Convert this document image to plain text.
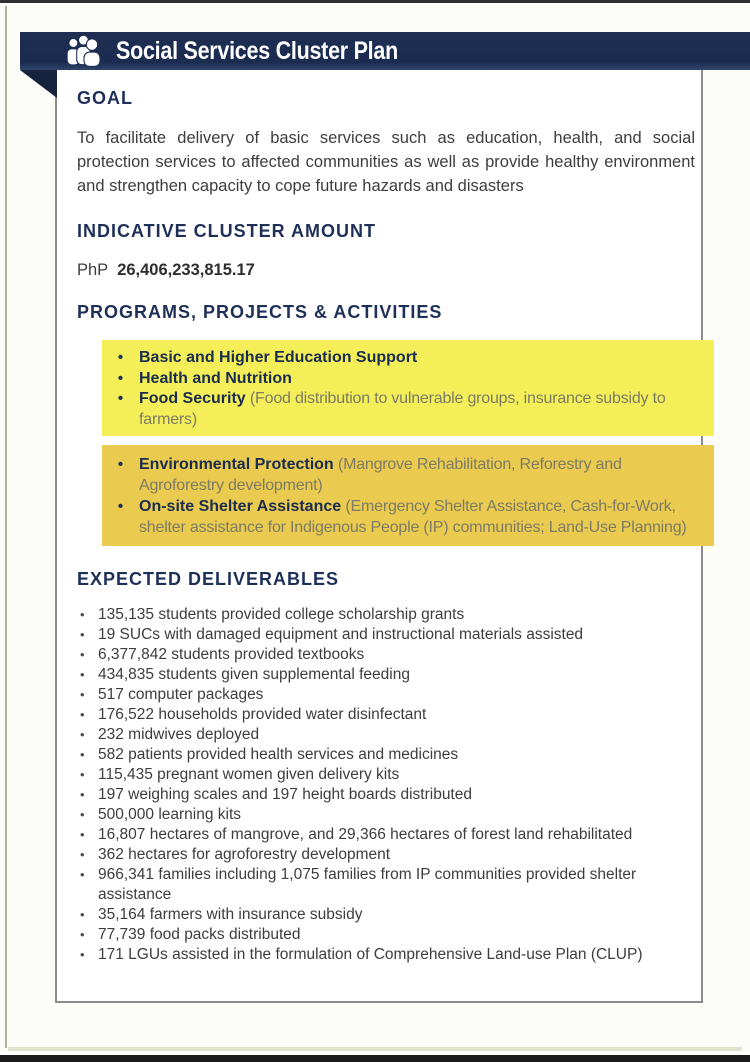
GOAL

To facilitate delivery of basic services such as education, health, and social protection services to affected communities as well as provide healthy environment and strengthen capacity to cope future hazards and disasters

INDICATIVE CLUSTER AMOUNT

PhP 26,406,233,815.17

PROGRAMS, PROJECTS & ACTIVITIES
• Basic and Higher Education Support
• Health and Nutrition
• Food Security (Food distribution to vulnerable groups, insurance subsidy to farmers)
• Environmental Protection (Mangrove Rehabilitation, Reforestry and Agroforestry development)
• On-site Shelter Assistance (Emergency Shelter Assistance, Cash-for-Work, shelter assistance for Indigenous People (IP) communities; Land-Use Planning)
EXPECTED DELIVERABLES
• 135,135 students provided college scholarship grants
• 19 SUCs with damaged equipment and instructional materials assisted
• 6,377,842 students provided textbooks
• 434,835 students given supplemental feeding
• 517 computer packages
• 176,522 households provided water disinfectant
• 232 midwives deployed
• 582 patients provided health services and medicines
• 115,435 pregnant women given delivery kits
• 197 weighing scales and 197 height boards distributed
• 500,000 learning kits
• 16,807 hectares of mangrove, and 29,366 hectares of forest land rehabilitated
• 362 hectares for agroforestry development
• 966,341 families including 1,075 families from IP communities provided shelter assistance
• 35,164 farmers with insurance subsidy
• 77,739 food packs distributed
• 171 LGUs assisted in the formulation of Comprehensive Land-use Plan (CLUP)
Social Services Cluster Plan
